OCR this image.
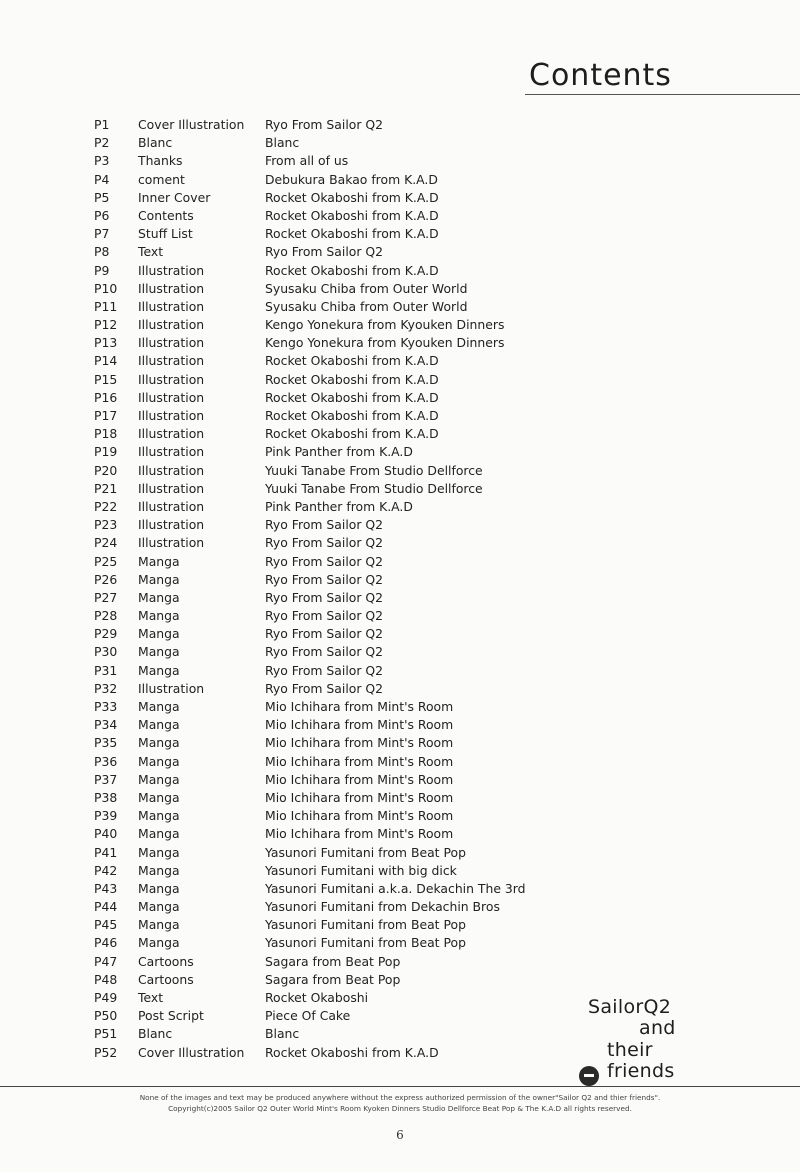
Contents
P1	Cover Illustration	Ryo From Sailor Q2
P2	Blanc	Blanc
P3	Thanks	From all of us
P4	coment	Debukura Bakao from K.A.D
P5	Inner Cover	Rocket Okaboshi from K.A.D
P6	Contents	Rocket Okaboshi from K.A.D
P7	Stuff List	Rocket Okaboshi from K.A.D
P8	Text	Ryo From Sailor Q2
P9	Illustration	Rocket Okaboshi from K.A.D
P10	Illustration	Syusaku Chiba from Outer World
P11	Illustration	Syusaku Chiba from Outer World
P12	Illustration	Kengo Yonekura from Kyouken Dinners
P13	Illustration	Kengo Yonekura from Kyouken Dinners
P14	Illustration	Rocket Okaboshi from K.A.D
P15	Illustration	Rocket Okaboshi from K.A.D
P16	Illustration	Rocket Okaboshi from K.A.D
P17	Illustration	Rocket Okaboshi from K.A.D
P18	Illustration	Rocket Okaboshi from K.A.D
P19	Illustration	Pink Panther from K.A.D
P20	Illustration	Yuuki Tanabe From Studio Dellforce
P21	Illustration	Yuuki Tanabe From Studio Dellforce
P22	Illustration	Pink Panther from K.A.D
P23	Illustration	Ryo From Sailor Q2
P24	Illustration	Ryo From Sailor Q2
P25	Manga	Ryo From Sailor Q2
P26	Manga	Ryo From Sailor Q2
P27	Manga	Ryo From Sailor Q2
P28	Manga	Ryo From Sailor Q2
P29	Manga	Ryo From Sailor Q2
P30	Manga	Ryo From Sailor Q2
P31	Manga	Ryo From Sailor Q2
P32	Illustration	Ryo From Sailor Q2
P33	Manga	Mio Ichihara from Mint's Room
P34	Manga	Mio Ichihara from Mint's Room
P35	Manga	Mio Ichihara from Mint's Room
P36	Manga	Mio Ichihara from Mint's Room
P37	Manga	Mio Ichihara from Mint's Room
P38	Manga	Mio Ichihara from Mint's Room
P39	Manga	Mio Ichihara from Mint's Room
P40	Manga	Mio Ichihara from Mint's Room
P41	Manga	Yasunori Fumitani from Beat Pop
P42	Manga	Yasunori Fumitani with big dick
P43	Manga	Yasunori Fumitani a.k.a. Dekachin The 3rd
P44	Manga	Yasunori Fumitani from Dekachin Bros
P45	Manga	Yasunori Fumitani from Beat Pop
P46	Manga	Yasunori Fumitani from Beat Pop
P47	Cartoons	Sagara from Beat Pop
P48	Cartoons	Sagara from Beat Pop
P49	Text	Rocket Okaboshi
P50	Post Script	Piece Of Cake
P51	Blanc	Blanc
P52	Cover Illustration	Rocket Okaboshi from K.A.D
SailorQ2
and
their
friends
None of the images and text may be produced anywhere without the express authorized permission of the owner"Sailor Q2 and thier friends".
Copyright(c)2005 Sailor Q2 Outer World Mint's Room Kyoken Dinners Studio Dellforce Beat Pop & The K.A.D all rights reserved.
6
